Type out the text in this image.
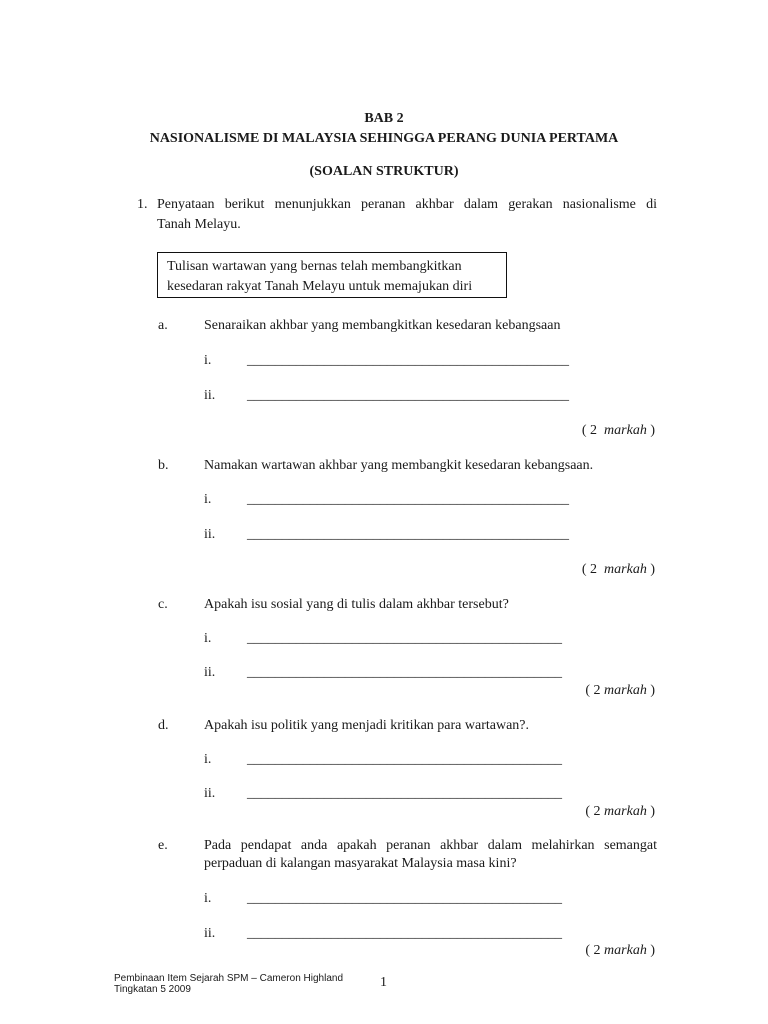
BAB 2
NASIONALISME DI MALAYSIA SEHINGGA PERANG DUNIA PERTAMA
(SOALAN STRUKTUR)
1. Penyataan berikut menunjukkan peranan akhbar dalam gerakan nasionalisme di
Tanah Melayu.
Tulisan wartawan yang bernas telah membangkitkan
kesedaran rakyat Tanah Melayu untuk memajukan diri
a.	Senaraikan akhbar yang membangkitkan kesedaran kebangsaan
i.	______________________________________________
ii. ______________________________________________
( 2 markah )
b.	Namakan wartawan akhbar yang membangkit kesedaran kebangsaan.
i.	______________________________________________
ii. ______________________________________________
( 2 markah )
c.	Apakah isu sosial yang di tulis dalam akhbar tersebut?
i.	_____________________________________________
ii. _____________________________________________
( 2 markah )
d.	Apakah isu politik yang menjadi kritikan para wartawan?.
i.	_____________________________________________
ii. _____________________________________________
( 2 markah )
e.	Pada pendapat anda apakah peranan akhbar dalam melahirkan semangat
perpaduan di kalangan masyarakat Malaysia masa kini?
i.	_____________________________________________
ii. _____________________________________________
( 2 markah )
Pembinaan Item Sejarah SPM – Cameron Highland
Tingkatan 5 2009	1
